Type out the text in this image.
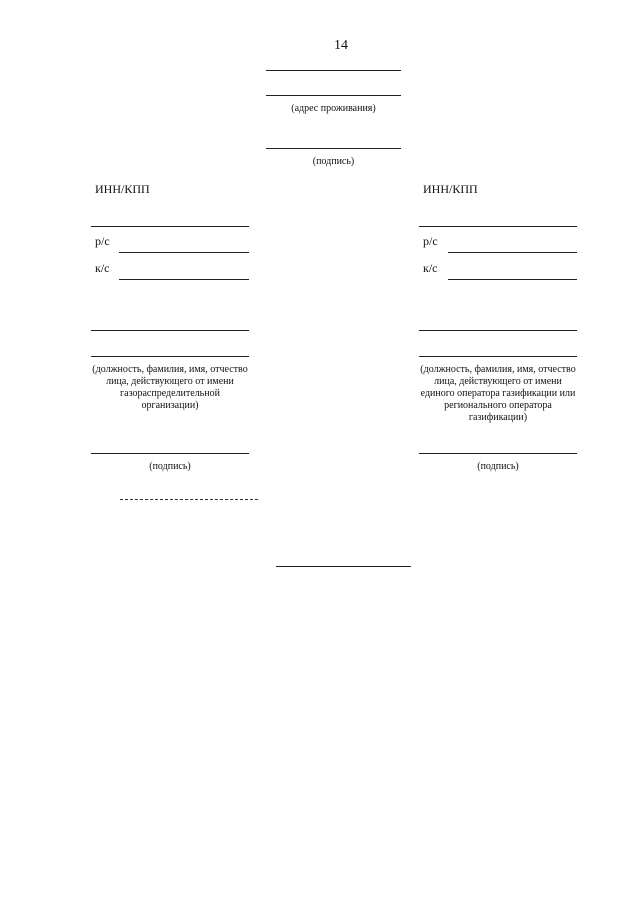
14
(адрес проживания)
(подпись)
ИНН/КПП
р/с
к/с
(должность, фамилия, имя, отчество лица, действующего от имени газораспределительной организации)
(подпись)
ИНН/КПП
р/с
к/с
(должность, фамилия, имя, отчество лица, действующего от имени единого оператора газификации или регионального оператора газификации)
(подпись)
